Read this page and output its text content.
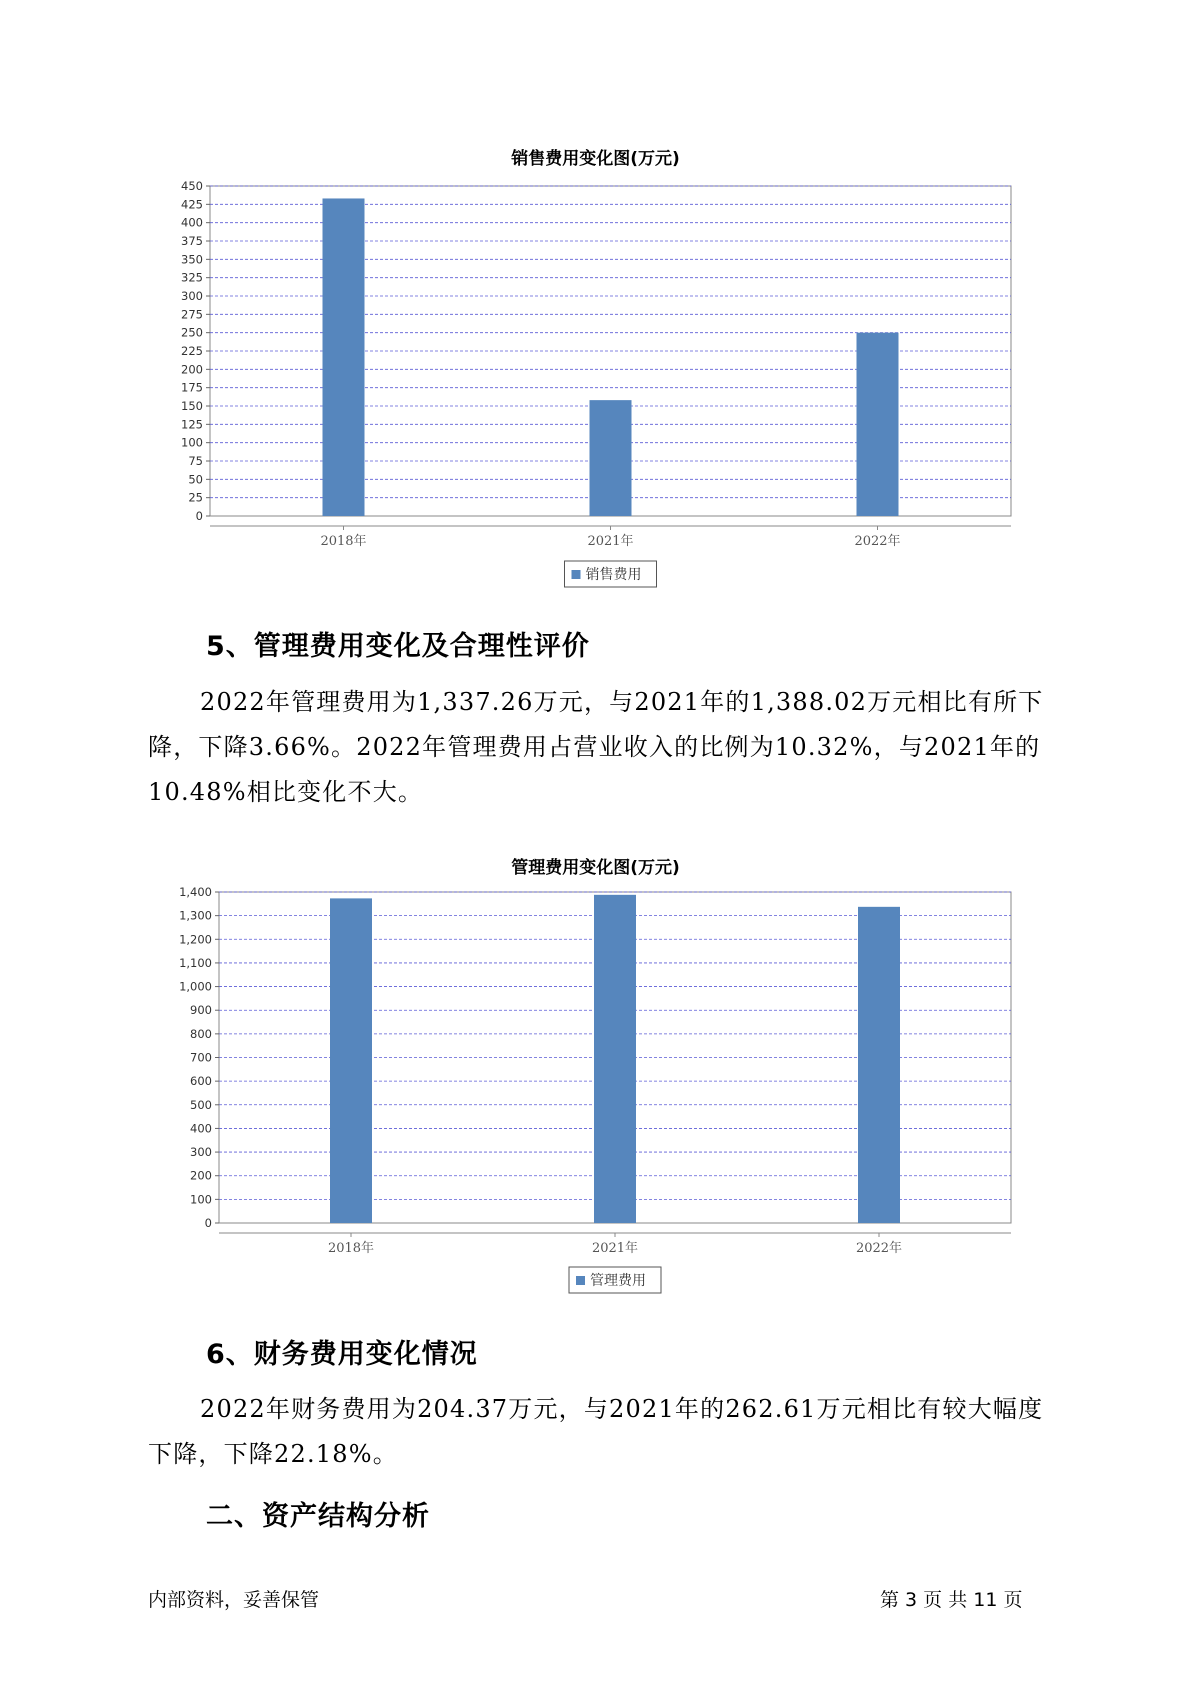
销售费用变化图(万元)
0
25
50
75
100
125
150
175
200
225
250
275
300
325
350
375
400
425
450
2018年	2021年	2022年
销售费用
5、管理费用变化及合理性评价

2022年管理费用为1,337.26万元，与2021年的1,388.02万元相比有所下降，下降3.66%。2022年管理费用占营业收入的比例为10.32%，与2021年的10.48%相比变化不大。

管理费用变化图(万元)
0
100
200
300
400
500
600
700
800
900
1,000
1,100
1,200
1,300
1,400
2018年	2021年	2022年
管理费用
6、财务费用变化情况

2022年财务费用为204.37万元，与2021年的262.61万元相比有较大幅度下降，下降22.18%。

二、资产结构分析
内部资料，妥善保管	第 3 页 共 11 页
